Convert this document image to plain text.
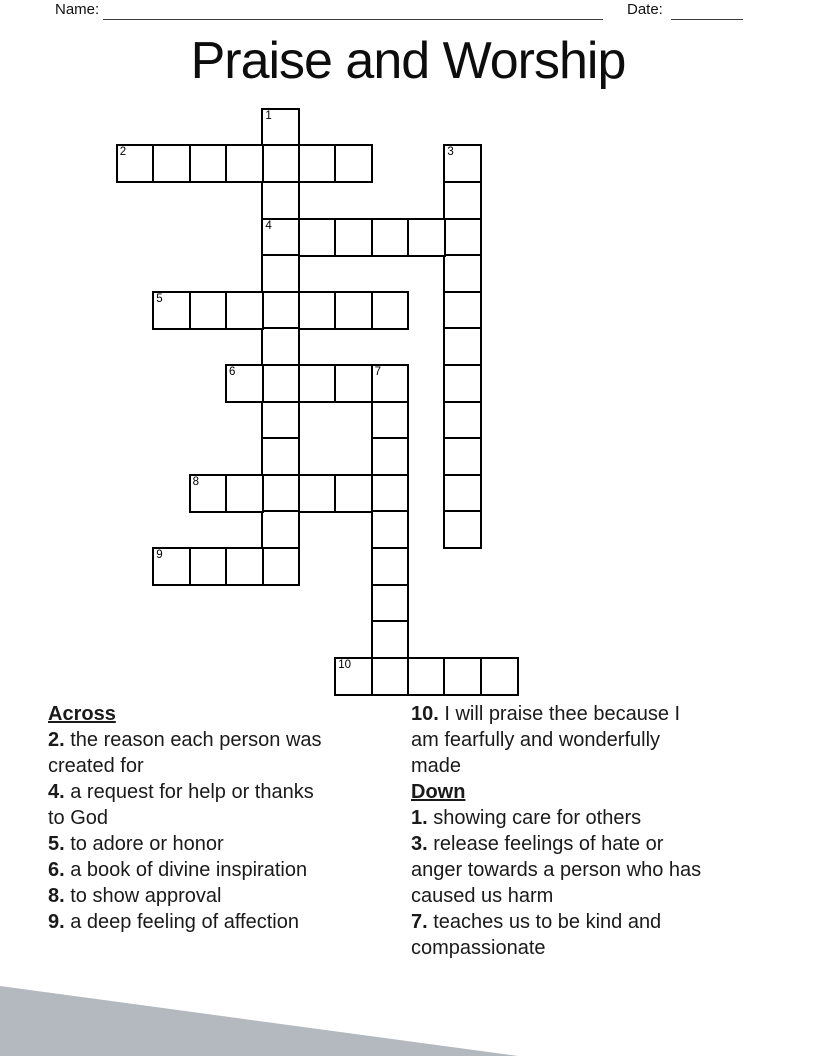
Name:	Date:
Praise and Worship
1
4
2	3
5
6	7
8
9
10
Across
2. the reason each person was created for
4. a request for help or thanks to God
5. to adore or honor
6. a book of divine inspiration
8. to show approval
9. a deep feeling of affection
10. I will praise thee because I am fearfully and wonderfully made
Down
1. showing care for others
3. release feelings of hate or anger towards a person who has caused us harm
7. teaches us to be kind and compassionate
